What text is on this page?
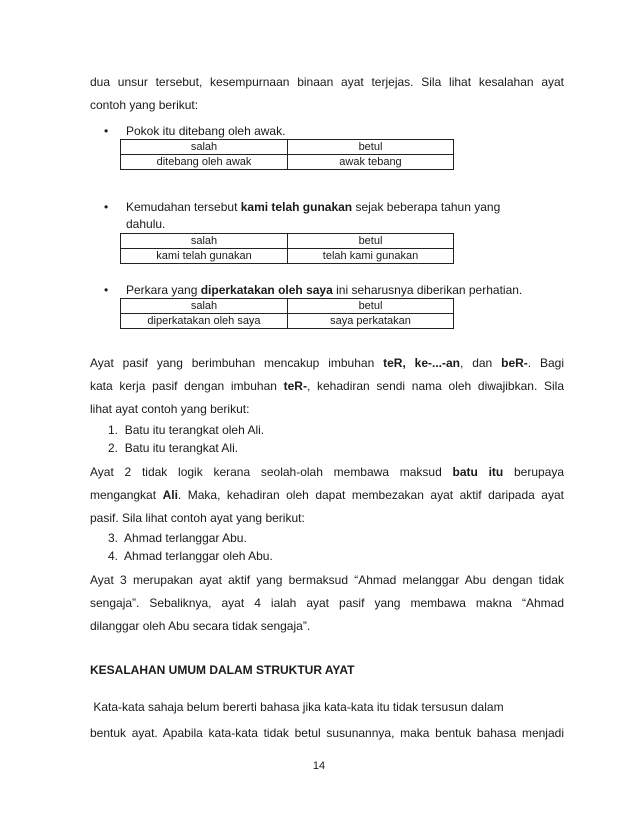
dua unsur tersebut, kesempurnaan binaan ayat terjejas. Sila lihat kesalahan ayat
contoh yang berikut:
• Pokok itu ditebang oleh awak.
salah	betul
ditebang oleh awak	awak tebang
• Kemudahan tersebut kami telah gunakan sejak beberapa tahun yang
dahulu.
salah	betul
kami telah gunakan	telah kami gunakan
• Perkara yang diperkatakan oleh saya ini seharusnya diberikan perhatian.
salah	betul
diperkatakan oleh saya	saya perkatakan
Ayat pasif yang berimbuhan mencakup imbuhan teR, ke-...-an, dan beR-. Bagi
kata kerja pasif dengan imbuhan teR-, kehadiran sendi nama oleh diwajibkan. Sila
lihat ayat contoh yang berikut:
1. Batu itu terangkat oleh Ali.
2. Batu itu terangkat Ali.
Ayat 2 tidak logik kerana seolah-olah membawa maksud batu itu berupaya
mengangkat Ali. Maka, kehadiran oleh dapat membezakan ayat aktif daripada ayat
pasif. Sila lihat contoh ayat yang berikut:
3. Ahmad terlanggar Abu.
4. Ahmad terlanggar oleh Abu.
Ayat 3 merupakan ayat aktif yang bermaksud “Ahmad melanggar Abu dengan tidak
sengaja”. Sebaliknya, ayat 4 ialah ayat pasif yang membawa makna “Ahmad
dilanggar oleh Abu secara tidak sengaja”.
KESALAHAN UMUM DALAM STRUKTUR AYAT
Kata-kata sahaja belum bererti bahasa jika kata-kata itu tidak tersusun dalam
bentuk ayat. Apabila kata-kata tidak betul susunannya, maka bentuk bahasa menjadi
14
